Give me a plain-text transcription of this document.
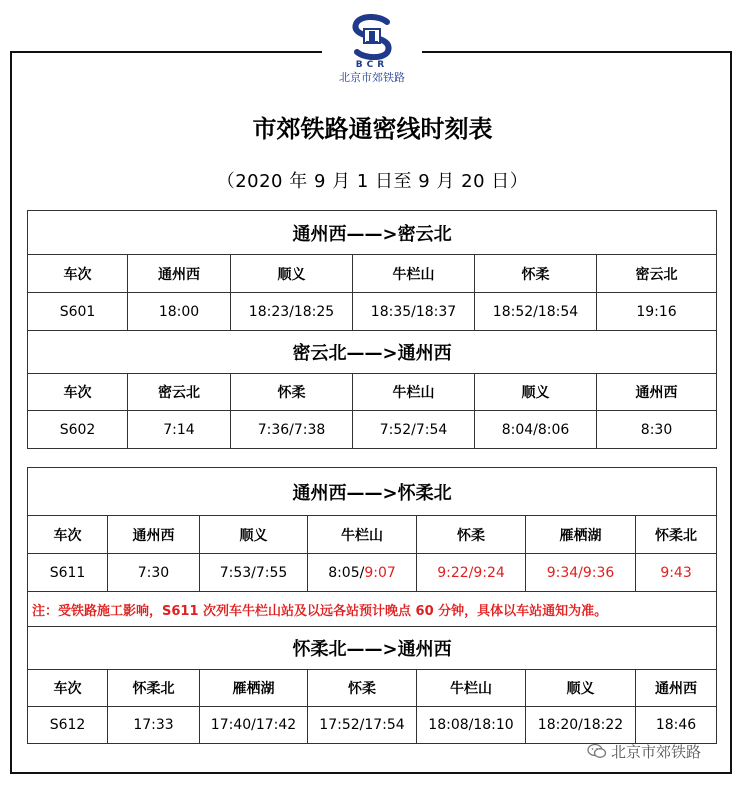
BCR
北京市郊铁路
市郊铁路通密线时刻表
（2020 年 9 月 1 日至 9 月 20 日）
通州西——>密云北					
车次	通州西	顺义	牛栏山	怀柔	密云北
S601	18:00	18:23/18:25	18:35/18:37	18:52/18:54	19:16
密云北——>通州西					
车次	密云北	怀柔	牛栏山	顺义	通州西
S602	7:14	7:36/7:38	7:52/7:54	8:04/8:06	8:30
通州西——>怀柔北						
车次	通州西	顺义	牛栏山	怀柔	雁栖湖	怀柔北
S611	7:30	7:53/7:55	8:05/9:07	9:22/9:24	9:34/9:36	9:43
注：受铁路施工影响，S611 次列车牛栏山站及以远各站预计晚点 60 分钟，具体以车站通知为准。						
怀柔北——>通州西						
车次	怀柔北	雁栖湖	怀柔	牛栏山	顺义	通州西
S612	17:33	17:40/17:42	17:52/17:54	18:08/18:10	18:20/18:22	18:46
北京市郊铁路
